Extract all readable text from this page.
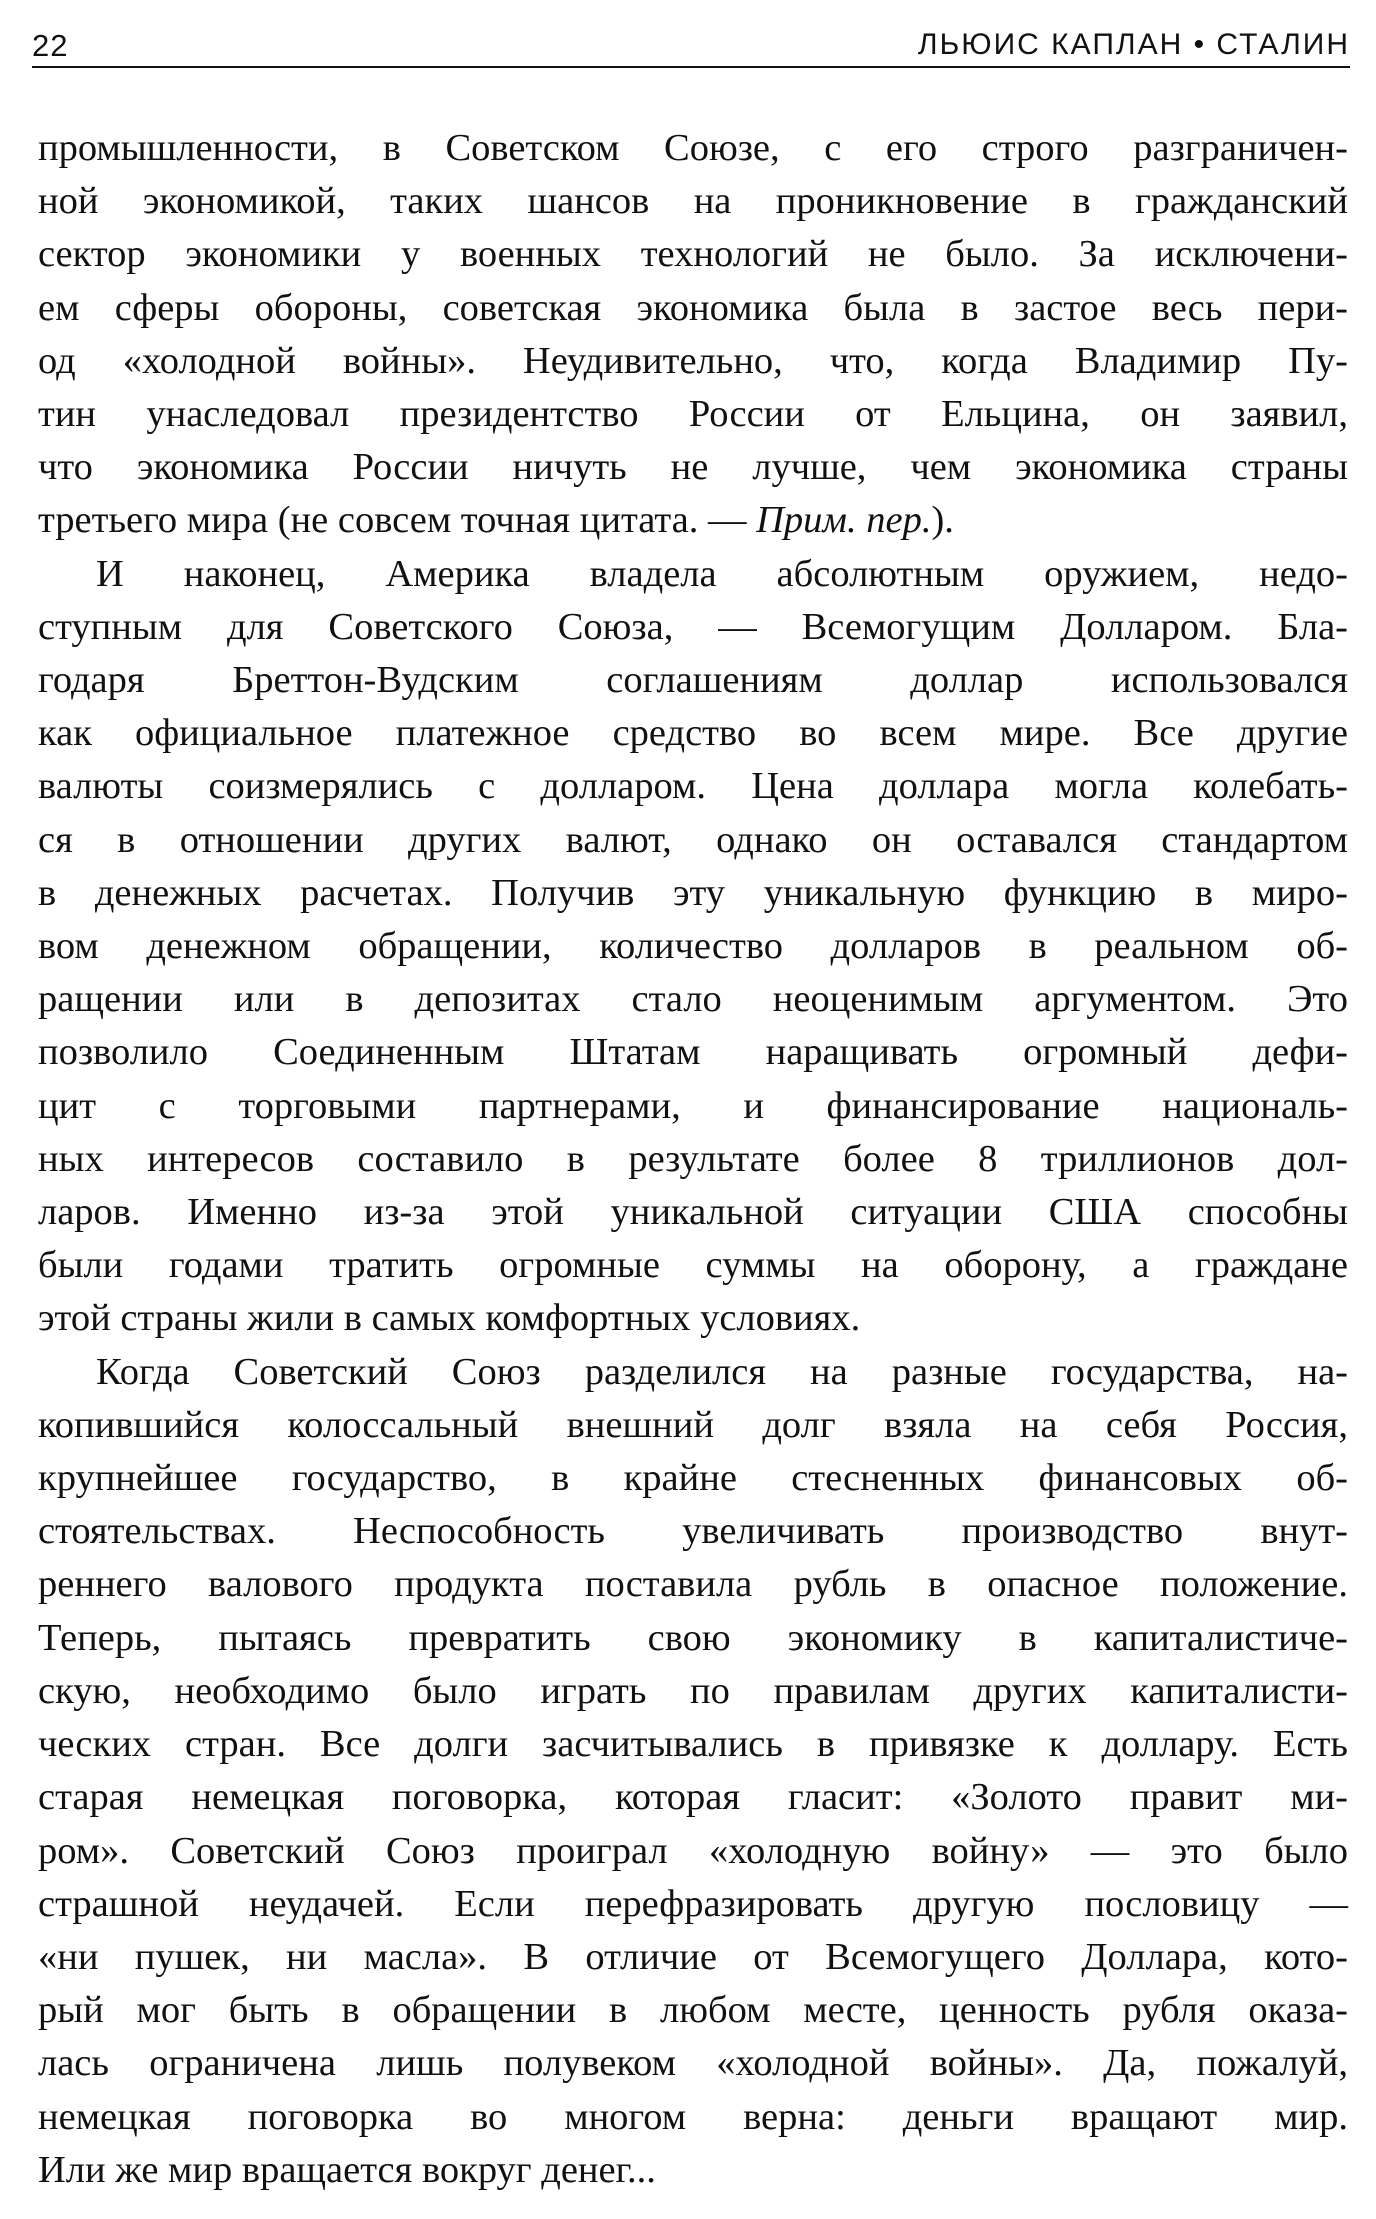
22	ЛЬЮИС КАПЛАН • СТАЛИН

промышленности, в Советском Союзе, с его строго разграничен-
ной экономикой, таких шансов на проникновение в гражданский
сектор экономики у военных технологий не было. За исключени-
ем сферы обороны, советская экономика была в застое весь пери-
од «холодной войны». Неудивительно, что, когда Владимир Пу-
тин унаследовал президентство России от Ельцина, он заявил,
что экономика России ничуть не лучше, чем экономика страны
третьего мира (не совсем точная цитата. — Прим. пер.).

И наконец, Америка владела абсолютным оружием, недо-
ступным для Советского Союза, — Всемогущим Долларом. Бла-
годаря Бреттон-Вудским соглашениям доллар использовался
как официальное платежное средство во всем мире. Все другие
валюты соизмерялись с долларом. Цена доллара могла колебать-
ся в отношении других валют, однако он оставался стандартом
в денежных расчетах. Получив эту уникальную функцию в миро-
вом денежном обращении, количество долларов в реальном об-
ращении или в депозитах стало неоценимым аргументом. Это
позволило Соединенным Штатам наращивать огромный дефи-
цит с торговыми партнерами, и финансирование националь-
ных интересов составило в результате более 8 триллионов дол-
ларов. Именно из-за этой уникальной ситуации США способны
были годами тратить огромные суммы на оборону, а граждане
этой страны жили в самых комфортных условиях.

Когда Советский Союз разделился на разные государства, на-
копившийся колоссальный внешний долг взяла на себя Россия,
крупнейшее государство, в крайне стесненных финансовых об-
стоятельствах. Неспособность увеличивать производство внут-
реннего валового продукта поставила рубль в опасное положение.
Теперь, пытаясь превратить свою экономику в капиталистиче-
скую, необходимо было играть по правилам других капиталисти-
ческих стран. Все долги засчитывались в привязке к доллару. Есть
старая немецкая поговорка, которая гласит: «Золото правит ми-
ром». Советский Союз проиграл «холодную войну» — это было
страшной неудачей. Если перефразировать другую пословицу —
«ни пушек, ни масла». В отличие от Всемогущего Доллара, кото-
рый мог быть в обращении в любом месте, ценность рубля оказа-
лась ограничена лишь полувеком «холодной войны». Да, пожалуй,
немецкая поговорка во многом верна: деньги вращают мир.
Или же мир вращается вокруг денег...
